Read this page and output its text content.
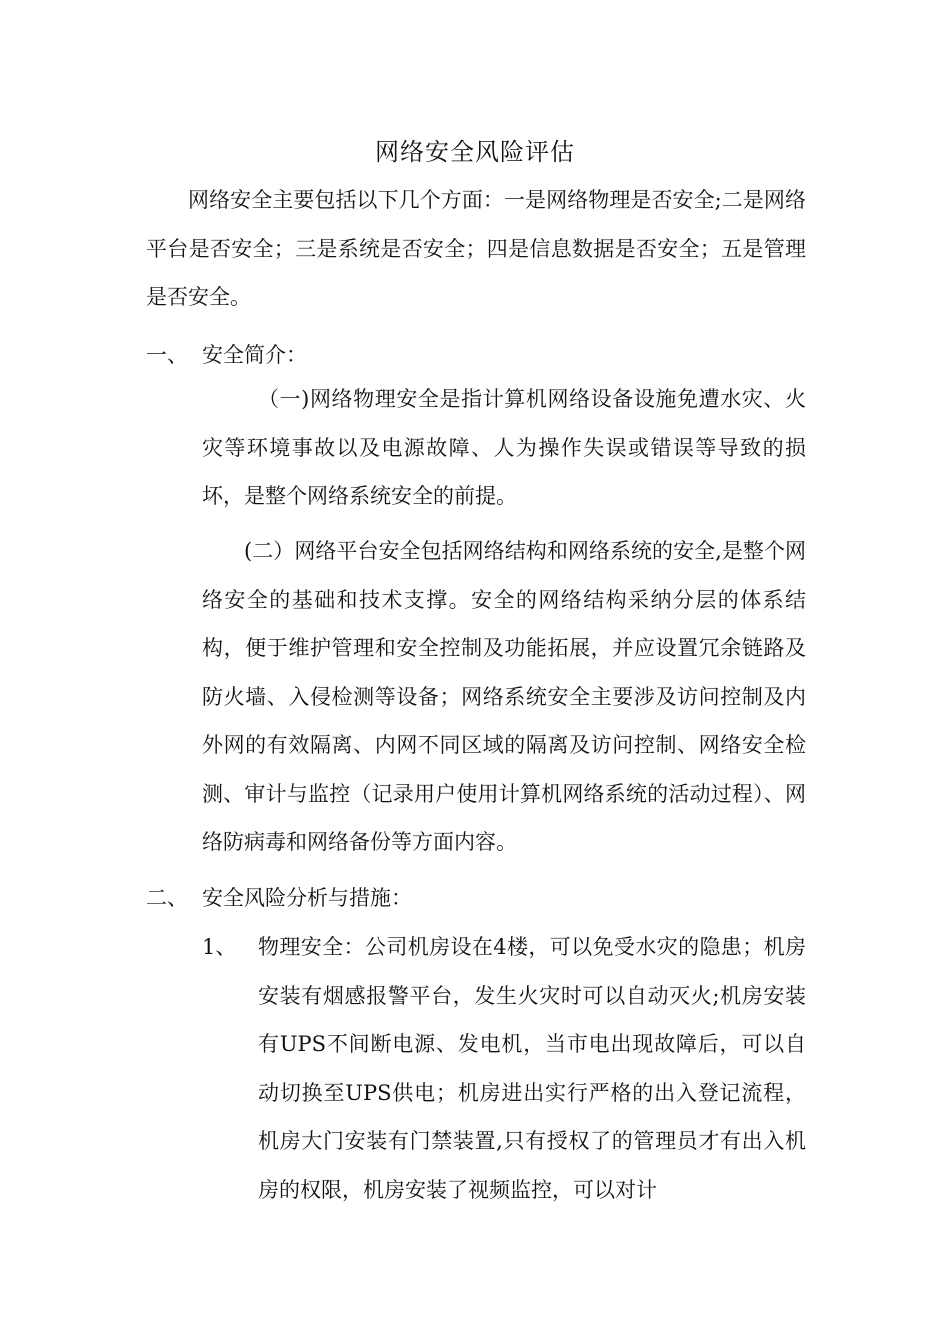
网络安全风险评估

网络安全主要包括以下几个方面：一是网络物理是否安全;二是网络平台是否安全；三是系统是否安全；四是信息数据是否安全；五是管理是否安全。

一、 安全简介：

（一)网络物理安全是指计算机网络设备设施免遭水灾、火灾等环境事故以及电源故障、人为操作失误或错误等导致的损坏，是整个网络系统安全的前提。

(二）网络平台安全包括网络结构和网络系统的安全,是整个网络安全的基础和技术支撑。安全的网络结构采纳分层的体系结构，便于维护管理和安全控制及功能拓展，并应设置冗余链路及防火墙、入侵检测等设备；网络系统安全主要涉及访问控制及内外网的有效隔离、内网不同区域的隔离及访问控制、网络安全检测、审计与监控（记录用户使用计算机网络系统的活动过程）、网络防病毒和网络备份等方面内容。

二、 安全风险分析与措施：
1、 物理安全：公司机房设在4楼，可以免受水灾的隐患；机房安装有烟感报警平台，发生火灾时可以自动灭火;机房安装有UPS不间断电源、发电机，当市电出现故障后，可以自动切换至UPS供电；机房进出实行严格的出入登记流程，机房大门安装有门禁装置,只有授权了的管理员才有出入机房的权限，机房安装了视频监控，可以对计
